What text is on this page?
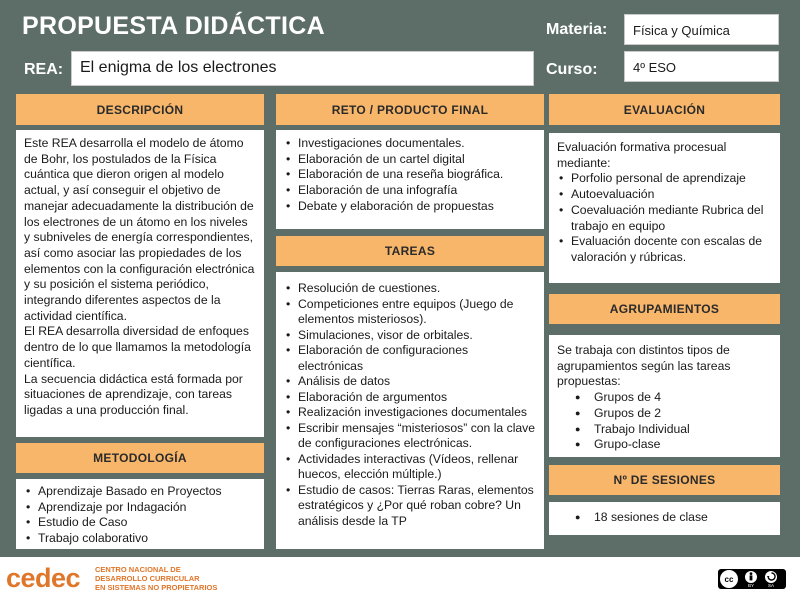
PROPUESTA DIDÁCTICA	Materia:	Física y Química
REA:	El enigma de los electrones	Curso:	4º ESO
DESCRIPCIÓN

Este REA desarrolla el modelo de átomo de Bohr, los postulados de la Física cuántica que dieron origen al modelo actual, y así conseguir el objetivo de manejar adecuadamente la distribución de los electrones de un átomo en los niveles y subniveles de energía correspondientes, así como asociar las propiedades de los elementos con la configuración electrónica y su posición el sistema periódico, integrando diferentes aspectos de la actividad científica.

El REA desarrolla diversidad de enfoques dentro de lo que llamamos la metodología científica.

La secuencia didáctica está formada por situaciones de aprendizaje, con tareas ligadas a una producción final.

METODOLOGÍA
• Aprendizaje Basado en Proyectos
• Aprendizaje por Indagación
• Estudio de Caso
• Trabajo colaborativo
RETO / PRODUCTO FINAL
• Investigaciones documentales.
• Elaboración de un cartel digital
• Elaboración de una reseña biográfica.
• Elaboración de una infografía
• Debate y elaboración de propuestas
TAREAS
• Resolución de cuestiones.
• Competiciones entre equipos (Juego de elementos misteriosos).
• Simulaciones, visor de orbitales.
• Elaboración de configuraciones electrónicas
• Análisis de datos
• Elaboración de argumentos
• Realización investigaciones documentales
• Escribir mensajes “misteriosos” con la clave de configuraciones electrónicas.
• Actividades interactivas (Vídeos, rellenar huecos, elección múltiple.)
• Estudio de casos: Tierras Raras, elementos estratégicos y ¿Por qué roban cobre? Un análisis desde la TP
EVALUACIÓN

Evaluación formativa procesual mediante:

• Porfolio personal de aprendizaje
• Autoevaluación
• Coevaluación mediante Rubrica del trabajo en equipo
• Evaluación docente con escalas de valoración y rúbricas.
AGRUPAMIENTOS

Se trabaja con distintos tipos de agrupamientos según las tareas propuestas:

● Grupos de 4
● Grupos de 2
● Trabajo Individual
● Grupo-clase
Nº DE SESIONES
● 18 sesiones de clase
cedec CENTRO NACIONAL DE
DESARROLLO CURRICULAR
EN SISTEMAS NO PROPIETARIOS
cc
BY	SA
